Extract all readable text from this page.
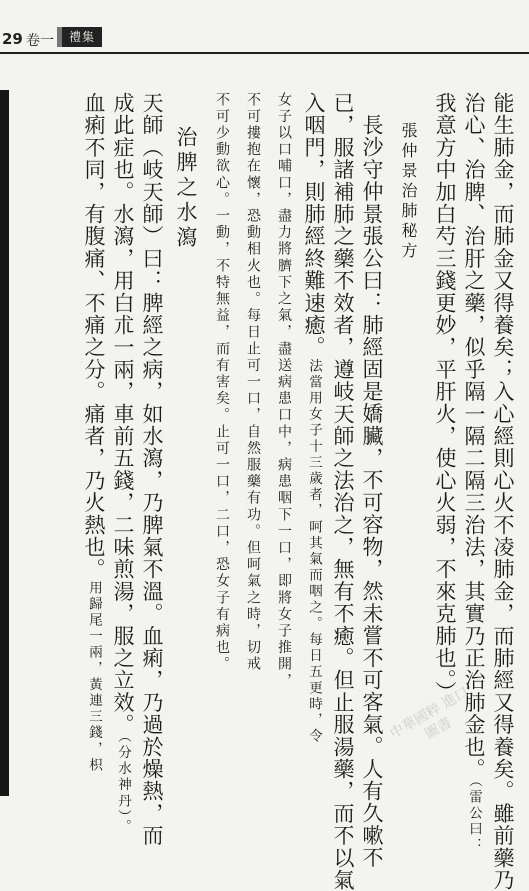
29 卷一	禮集
能生肺金，而肺金又得養矣；入心經則心火不凌肺金，而肺經又得養矣。雖前藥乃
治心、治脾、治肝之藥，似乎隔一隔二隔三治法，其實乃正治肺金也。（雷公曰：
我意方中加白芍三錢更妙，平肝火，使心火弱，不來克肺也。）
張仲景治肺秘方
長沙守仲景張公曰：肺經固是嬌臟，不可容物，然未嘗不可客氣。人有久嗽不
已，服諸補肺之藥不效者，遵岐天師之法治之，無有不癒。但止服湯藥，而不以氣
入咽門，則肺經終難速癒。法當用女子十三歲者，呵其氣而咽之。每日五更時，令
女子以口哺口，盡力將臍下之氣，盡送病患口中，病患咽下一口，即將女子推開，
不可摟抱在懷，恐動相火也。每日止可一口，自然服藥有功。但呵氣之時，切戒
不可少動欲心。一動，不特無益，而有害矣。止可一口，二口，恐女子有病也。
治脾之水瀉
天師（岐天師）曰：脾經之病，如水瀉，乃脾氣不溫。血痢，乃過於燥熱，而
成此症也。水瀉，用白朮一兩，車前五錢，二味煎湯，服之立效。（分水神丹）。
血痢不同，有腹痛、不痛之分。痛者，乃火熱也。用歸尾一兩，黃連三錢，枳	中華國粹 進口圖書
